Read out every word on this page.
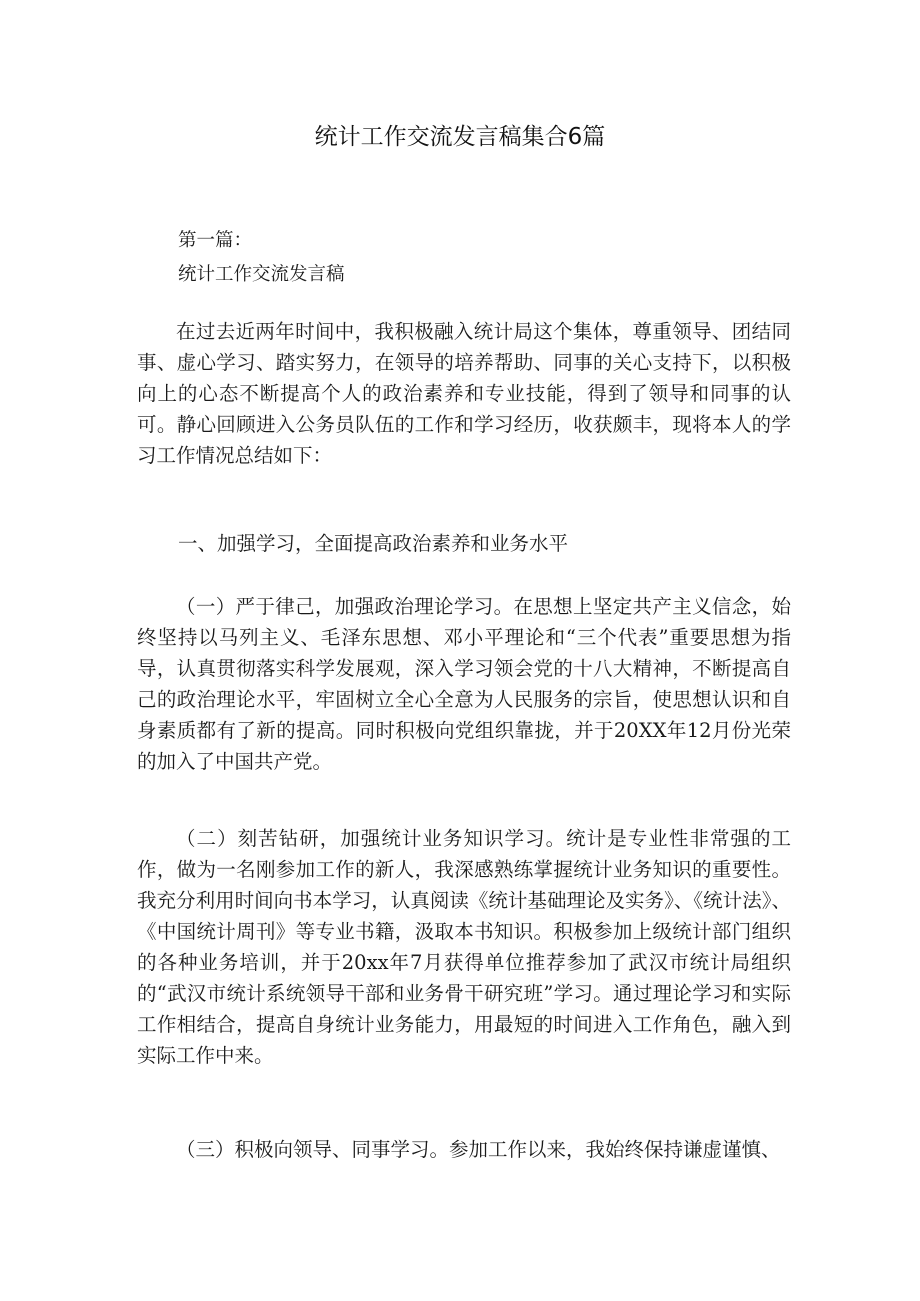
统计工作交流发言稿集合6篇
第一篇：
统计工作交流发言稿

在过去近两年时间中，我积极融入统计局这个集体，尊重领导、团结同事、虚心学习、踏实努力，在领导的培养帮助、同事的关心支持下，以积极向上的心态不断提高个人的政治素养和专业技能，得到了领导和同事的认可。静心回顾进入公务员队伍的工作和学习经历，收获颇丰，现将本人的学习工作情况总结如下：

一、加强学习，全面提高政治素养和业务水平

（一）严于律己，加强政治理论学习。在思想上坚定共产主义信念，始终坚持以马列主义、毛泽东思想、邓小平理论和“三个代表”重要思想为指导，认真贯彻落实科学发展观，深入学习领会党的十八大精神，不断提高自己的政治理论水平，牢固树立全心全意为人民服务的宗旨，使思想认识和自身素质都有了新的提高。同时积极向党组织靠拢，并于20XX年12月份光荣的加入了中国共产党。

（二）刻苦钻研，加强统计业务知识学习。统计是专业性非常强的工作，做为一名刚参加工作的新人，我深感熟练掌握统计业务知识的重要性。我充分利用时间向书本学习，认真阅读《统计基础理论及实务》、《统计法》、《中国统计周刊》等专业书籍，汲取本书知识。积极参加上级统计部门组织的各种业务培训，并于20xx年7月获得单位推荐参加了武汉市统计局组织的“武汉市统计系统领导干部和业务骨干研究班”学习。通过理论学习和实际工作相结合，提高自身统计业务能力，用最短的时间进入工作角色，融入到实际工作中来。

（三）积极向领导、同事学习。参加工作以来，我始终保持谦虚谨慎、
